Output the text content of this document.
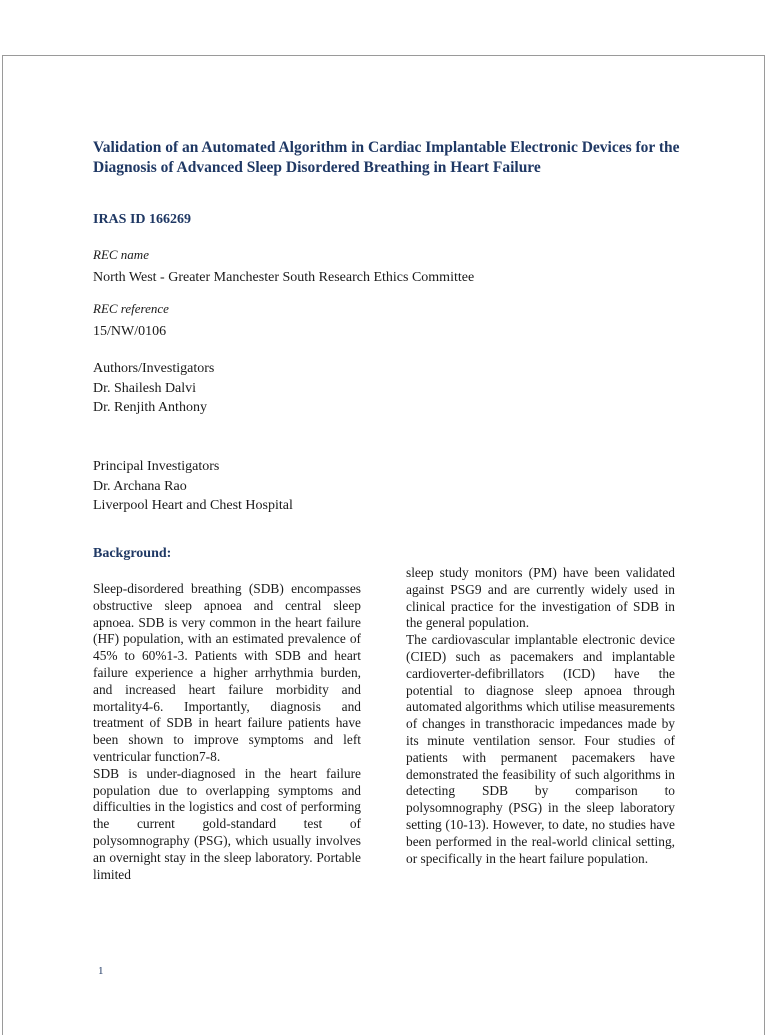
Validation of an Automated Algorithm in Cardiac Implantable Electronic Devices for the Diagnosis of Advanced Sleep Disordered Breathing in Heart Failure
IRAS ID 166269
REC name
North West - Greater Manchester South Research Ethics Committee
REC reference
15/NW/0106
Authors/Investigators
Dr. Shailesh Dalvi
Dr. Renjith Anthony
Principal Investigators
Dr. Archana Rao
Liverpool Heart and Chest Hospital
Background:

Sleep-disordered breathing (SDB) encompasses obstructive sleep apnoea and central sleep apnoea. SDB is very common in the heart failure (HF) population, with an estimated prevalence of 45% to 60%1-3. Patients with SDB and heart failure experience a higher arrhythmia burden, and increased heart failure morbidity and mortality4-6. Importantly, diagnosis and treatment of SDB in heart failure patients have been shown to improve symptoms and left ventricular function7-8.

SDB is under-diagnosed in the heart failure population due to overlapping symptoms and difficulties in the logistics and cost of performing the current gold-standard test of polysomnography (PSG), which usually involves an overnight stay in the sleep laboratory. Portable limited

sleep study monitors (PM) have been validated against PSG9 and are currently widely used in clinical practice for the investigation of SDB in the general population.

The cardiovascular implantable electronic device (CIED) such as pacemakers and implantable cardioverter-defibrillators (ICD) have the potential to diagnose sleep apnoea through automated algorithms which utilise measurements of changes in transthoracic impedances made by its minute ventilation sensor. Four studies of patients with permanent pacemakers have demonstrated the feasibility of such algorithms in detecting SDB by comparison to polysomnography (PSG) in the sleep laboratory setting (10-13). However, to date, no studies have been performed in the real-world clinical setting, or specifically in the heart failure population.

1
